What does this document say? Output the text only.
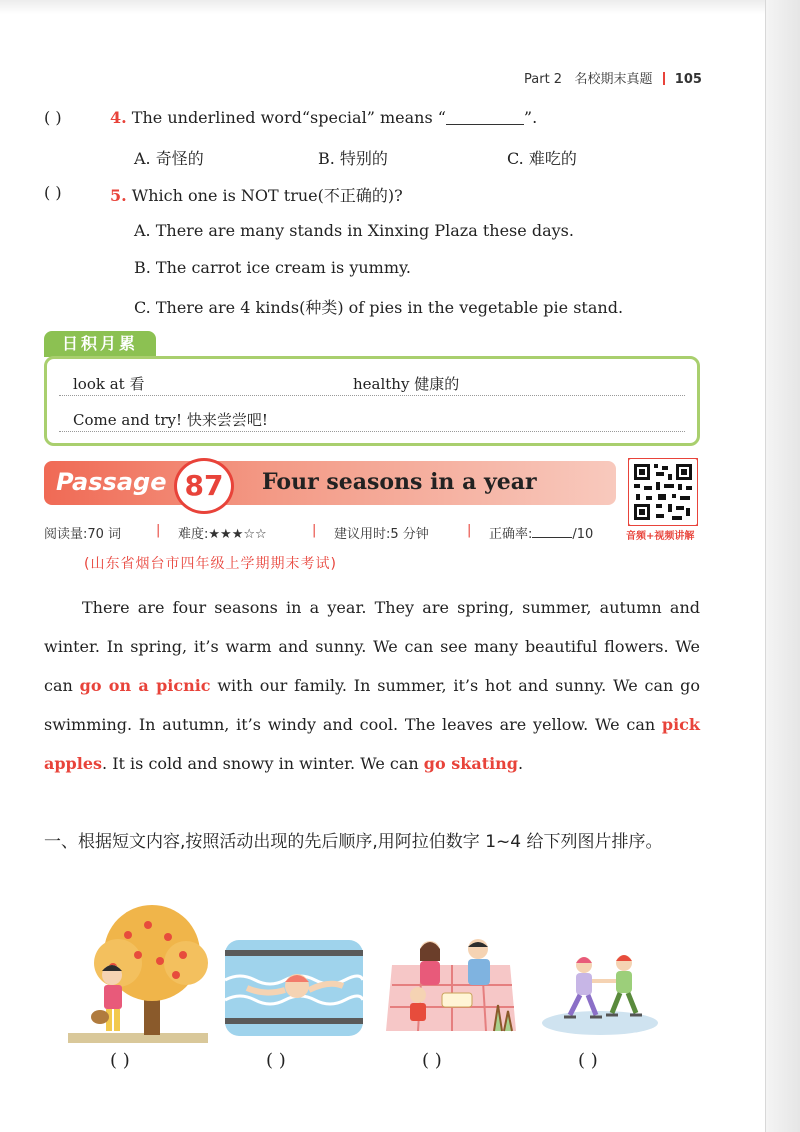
Part 2 名校期末真题 105
( )	4. The underlined word“special” means “	”.
A. 奇怪的	B. 特别的	C. 难吃的
( )	5. Which one is NOT true(不正确的)?
A. There are many stands in Xinxing Plaza these days.
B. The carrot ice cream is yummy.
C. There are 4 kinds(种类) of pies in the vegetable pie stand.
日积月累
look at 看	healthy 健康的
Come and try! 快来尝尝吧!
Passage 87	Four seasons in a year
音频+视频讲解
阅读量:70 词	| 难度:★★★☆☆	| 建议用时:5 分钟	| 正确率:	/10
(山东省烟台市四年级上学期期末考试)
There are four seasons in a year. They are spring, summer, autumn and winter. In spring, it’s warm and sunny. We can see many beautiful flowers. We can go on a picnic with our family. In summer, it’s hot and sunny. We can go swimming. In autumn, it’s windy and cool. The leaves are yellow. We can pick apples. It is cold and snowy in winter. We can go skating.
一、根据短文内容,按照活动出现的先后顺序,用阿拉伯数字 1~4 给下列图片排序。
( )	( )	( )	( )
